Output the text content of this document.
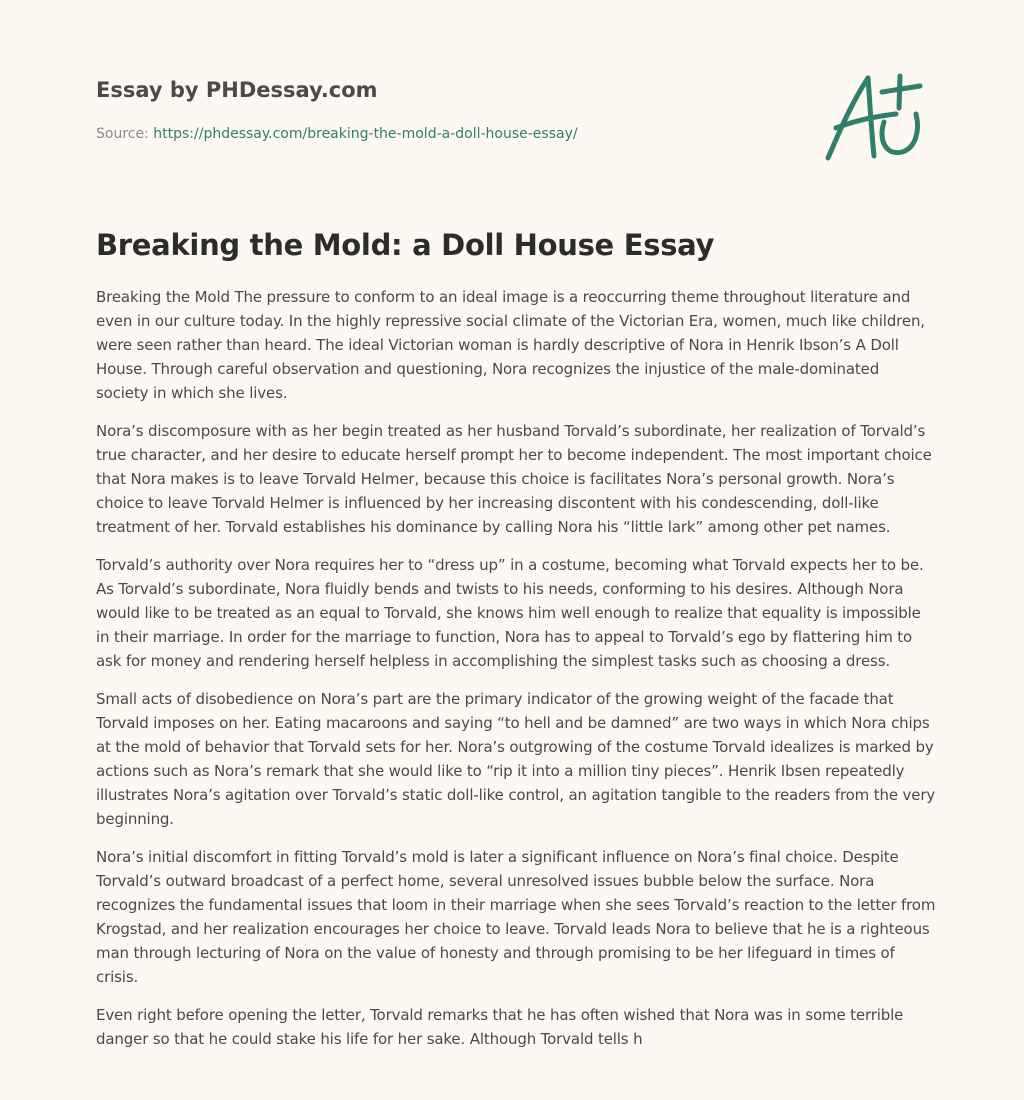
Essay by PHDessay.com
Source: https://phdessay.com/breaking-the-mold-a-doll-house-essay/
Breaking the Mold: a Doll House Essay

Breaking the Mold The pressure to conform to an ideal image is a reoccurring theme throughout literature and even in our culture today. In the highly repressive social climate of the Victorian Era, women, much like children, were seen rather than heard. The ideal Victorian woman is hardly descriptive of Nora in Henrik Ibson’s A Doll House. Through careful observation and questioning, Nora recognizes the injustice of the male-dominated society in which she lives.

Nora’s discomposure with as her begin treated as her husband Torvald’s subordinate, her realization of Torvald’s true character, and her desire to educate herself prompt her to become independent. The most important choice that Nora makes is to leave Torvald Helmer, because this choice is facilitates Nora’s personal growth. Nora’s choice to leave Torvald Helmer is influenced by her increasing discontent with his condescending, doll-like treatment of her. Torvald establishes his dominance by calling Nora his “little lark” among other pet names.

Torvald’s authority over Nora requires her to “dress up” in a costume, becoming what Torvald expects her to be. As Torvald’s subordinate, Nora fluidly bends and twists to his needs, conforming to his desires. Although Nora would like to be treated as an equal to Torvald, she knows him well enough to realize that equality is impossible in their marriage. In order for the marriage to function, Nora has to appeal to Torvald’s ego by flattering him to ask for money and rendering herself helpless in accomplishing the simplest tasks such as choosing a dress.

Small acts of disobedience on Nora’s part are the primary indicator of the growing weight of the facade that Torvald imposes on her. Eating macaroons and saying “to hell and be damned” are two ways in which Nora chips at the mold of behavior that Torvald sets for her. Nora’s outgrowing of the costume Torvald idealizes is marked by actions such as Nora’s remark that she would like to “rip it into a million tiny pieces”. Henrik Ibsen repeatedly illustrates Nora’s agitation over Torvald’s static doll-like control, an agitation tangible to the readers from the very beginning.

Nora’s initial discomfort in fitting Torvald’s mold is later a significant influence on Nora’s final choice. Despite Torvald’s outward broadcast of a perfect home, several unresolved issues bubble below the surface. Nora recognizes the fundamental issues that loom in their marriage when she sees Torvald’s reaction to the letter from Krogstad, and her realization encourages her choice to leave. Torvald leads Nora to believe that he is a righteous man through lecturing of Nora on the value of honesty and through promising to be her lifeguard in times of crisis.

Even right before opening the letter, Torvald remarks that he has often wished that Nora was in some terrible danger so that he could stake his life for her sake. Although Torvald tells h
